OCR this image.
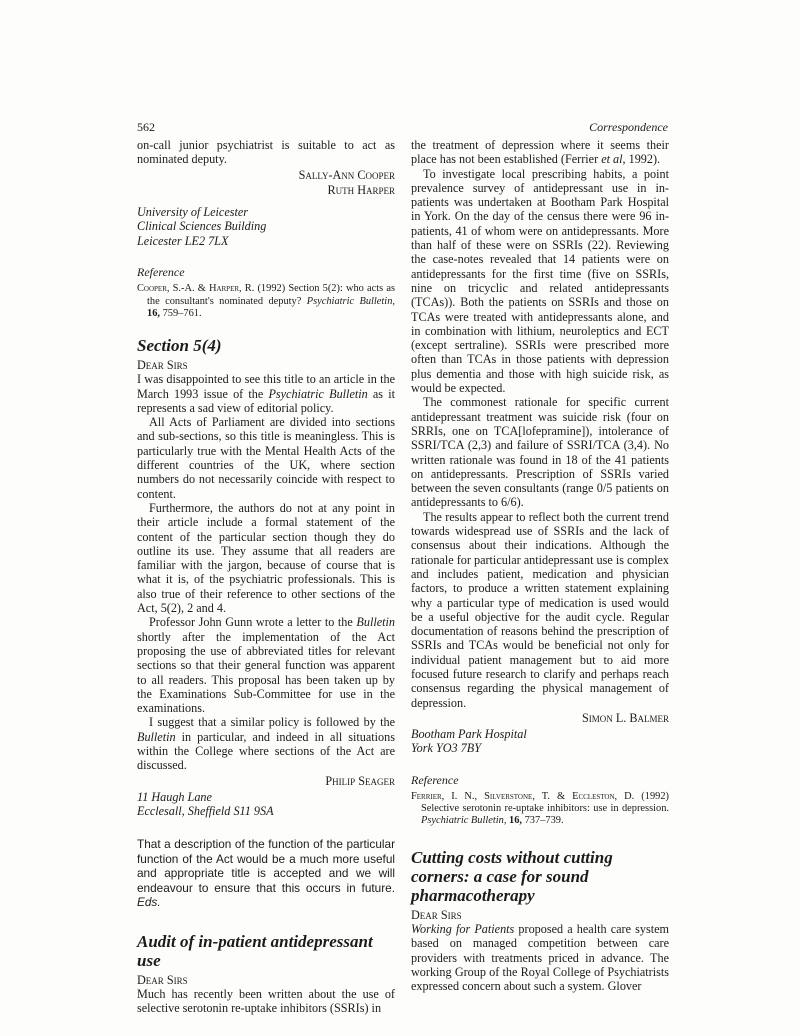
562	Correspondence

on-call junior psychiatrist is suitable to act as nominated deputy.

Sally-Ann Cooper

Ruth Harper

University of Leicester

Clinical Sciences Building

Leicester LE2 7LX

Reference

Cooper, S.-A. & Harper, R. (1992) Section 5(2): who acts as the consultant's nominated deputy? Psychiatric Bulletin, 16, 759–761.

Section 5(4)

Dear Sirs

I was disappointed to see this title to an article in the March 1993 issue of the Psychiatric Bulletin as it represents a sad view of editorial policy.

All Acts of Parliament are divided into sections and sub-sections, so this title is meaningless. This is particularly true with the Mental Health Acts of the different countries of the UK, where section numbers do not necessarily coincide with respect to content.

Furthermore, the authors do not at any point in their article include a formal statement of the content of the particular section though they do outline its use. They assume that all readers are familiar with the jargon, because of course that is what it is, of the psychiatric professionals. This is also true of their reference to other sections of the Act, 5(2), 2 and 4.

Professor John Gunn wrote a letter to the Bulletin shortly after the implementation of the Act proposing the use of abbreviated titles for relevant sections so that their general function was apparent to all readers. This proposal has been taken up by the Examinations Sub-Committee for use in the examinations.

I suggest that a similar policy is followed by the Bulletin in particular, and indeed in all situations within the College where sections of the Act are discussed.

Philip Seager

11 Haugh Lane

Ecclesall, Sheffield S11 9SA

That a description of the function of the particular function of the Act would be a much more useful and appropriate title is accepted and we will endeavour to ensure that this occurs in future. Eds.

Audit of in-patient antidepressant use

Dear Sirs

Much has recently been written about the use of selective serotonin re-uptake inhibitors (SSRIs) in

the treatment of depression where it seems their place has not been established (Ferrier et al, 1992).

To investigate local prescribing habits, a point prevalence survey of antidepressant use in in-patients was undertaken at Bootham Park Hospital in York. On the day of the census there were 96 in-patients, 41 of whom were on antidepressants. More than half of these were on SSRIs (22). Reviewing the case-notes revealed that 14 patients were on antidepressants for the first time (five on SSRIs, nine on tricyclic and related antidepressants (TCAs)). Both the patients on SSRIs and those on TCAs were treated with antidepressants alone, and in combination with lithium, neuroleptics and ECT (except sertraline). SSRIs were prescribed more often than TCAs in those patients with depression plus dementia and those with high suicide risk, as would be expected.

The commonest rationale for specific current antidepressant treatment was suicide risk (four on SRRIs, one on TCA[lofepramine]), intolerance of SSRI/TCA (2,3) and failure of SSRI/TCA (3,4). No written rationale was found in 18 of the 41 patients on antidepressants. Prescription of SSRIs varied between the seven consultants (range 0/5 patients on antidepressants to 6/6).

The results appear to reflect both the current trend towards widespread use of SSRIs and the lack of consensus about their indications. Although the rationale for particular antidepressant use is complex and includes patient, medication and physician factors, to produce a written statement explaining why a particular type of medication is used would be a useful objective for the audit cycle. Regular documentation of reasons behind the prescription of SSRIs and TCAs would be beneficial not only for individual patient management but to aid more focused future research to clarify and perhaps reach consensus regarding the physical management of depression.

Simon L. Balmer

Bootham Park Hospital

York YO3 7BY

Reference

Ferrier, I. N., Silverstone, T. & Eccleston, D. (1992) Selective serotonin re-uptake inhibitors: use in depression. Psychiatric Bulletin, 16, 737–739.

Cutting costs without cutting corners: a case for sound pharmacotherapy

Dear Sirs

Working for Patients proposed a health care system based on managed competition between care providers with treatments priced in advance. The working Group of the Royal College of Psychiatrists expressed concern about such a system. Glover
